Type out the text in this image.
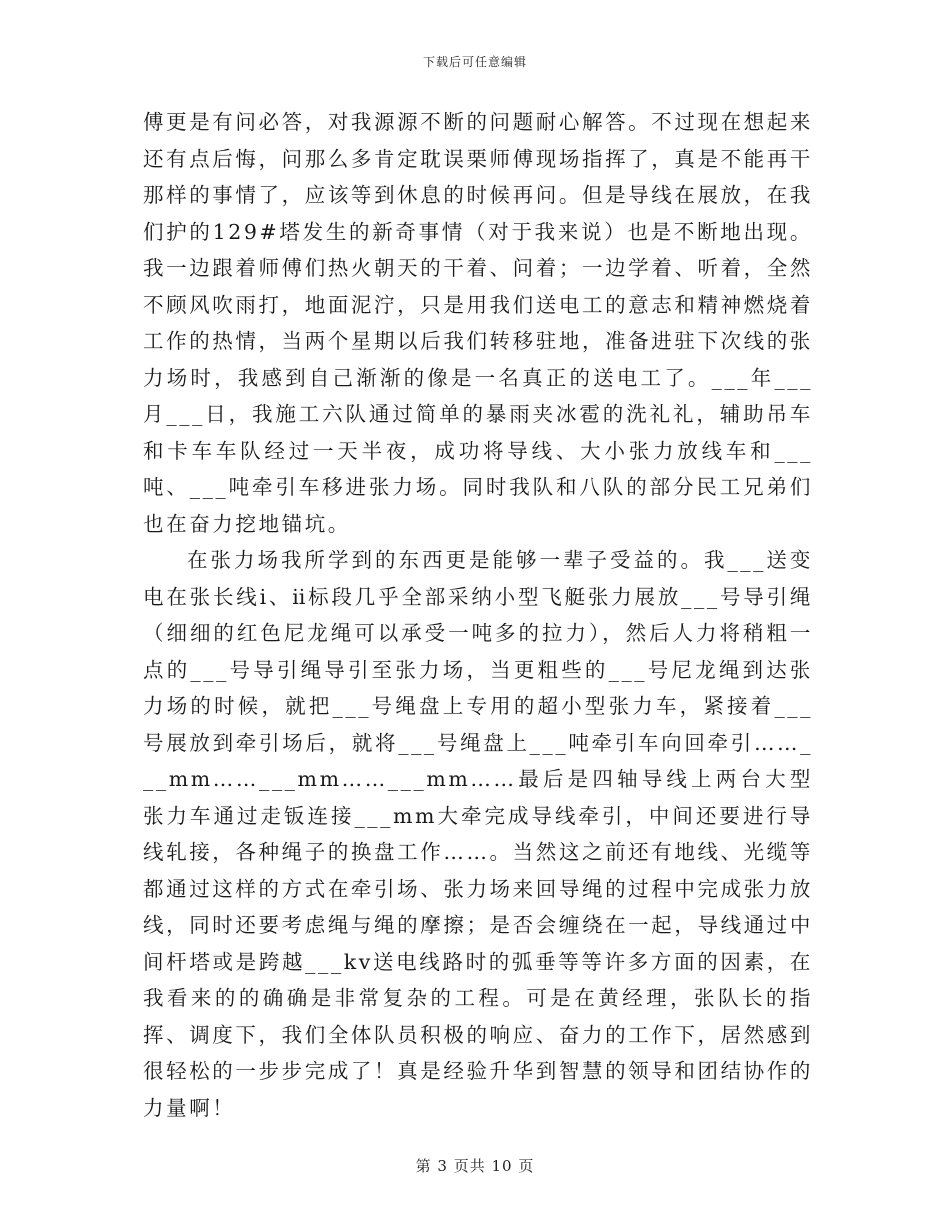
下载后可任意编辑

傅更是有问必答，对我源源不断的问题耐心解答。不过现在想起来还有点后悔，问那么多肯定耽误栗师傅现场指挥了，真是不能再干那样的事情了，应该等到休息的时候再问。但是导线在展放，在我们护的129#塔发生的新奇事情（对于我来说）也是不断地出现。我一边跟着师傅们热火朝天的干着、问着；一边学着、听着，全然不顾风吹雨打，地面泥泞，只是用我们送电工的意志和精神燃烧着工作的热情，当两个星期以后我们转移驻地，准备进驻下次线的张力场时，我感到自己渐渐的像是一名真正的送电工了。___年___月___日，我施工六队通过简单的暴雨夹冰雹的洗礼礼，辅助吊车和卡车车队经过一天半夜，成功将导线、大小张力放线车和___吨、___吨牵引车移进张力场。同时我队和八队的部分民工兄弟们也在奋力挖地锚坑。

在张力场我所学到的东西更是能够一辈子受益的。我___送变电在张长线ⅰ、ⅱ标段几乎全部采纳小型飞艇张力展放___号导引绳（细细的红色尼龙绳可以承受一吨多的拉力），然后人力将稍粗一点的___号导引绳导引至张力场，当更粗些的___号尼龙绳到达张力场的时候，就把___号绳盘上专用的超小型张力车，紧接着___号展放到牵引场后，就将___号绳盘上___吨牵引车向回牵引……___mm……___mm……___mm……最后是四轴导线上两台大型张力车通过走钣连接___mm大牵完成导线牵引，中间还要进行导线轧接，各种绳子的换盘工作……。当然这之前还有地线、光缆等都通过这样的方式在牵引场、张力场来回导绳的过程中完成张力放线，同时还要考虑绳与绳的摩擦；是否会缠绕在一起，导线通过中间杆塔或是跨越___kv送电线路时的弧垂等等许多方面的因素，在我看来的的确确是非常复杂的工程。可是在黄经理，张队长的指挥、调度下，我们全体队员积极的响应、奋力的工作下，居然感到很轻松的一步步完成了！真是经验升华到智慧的领导和团结协作的力量啊！

第 3 页共 10 页
